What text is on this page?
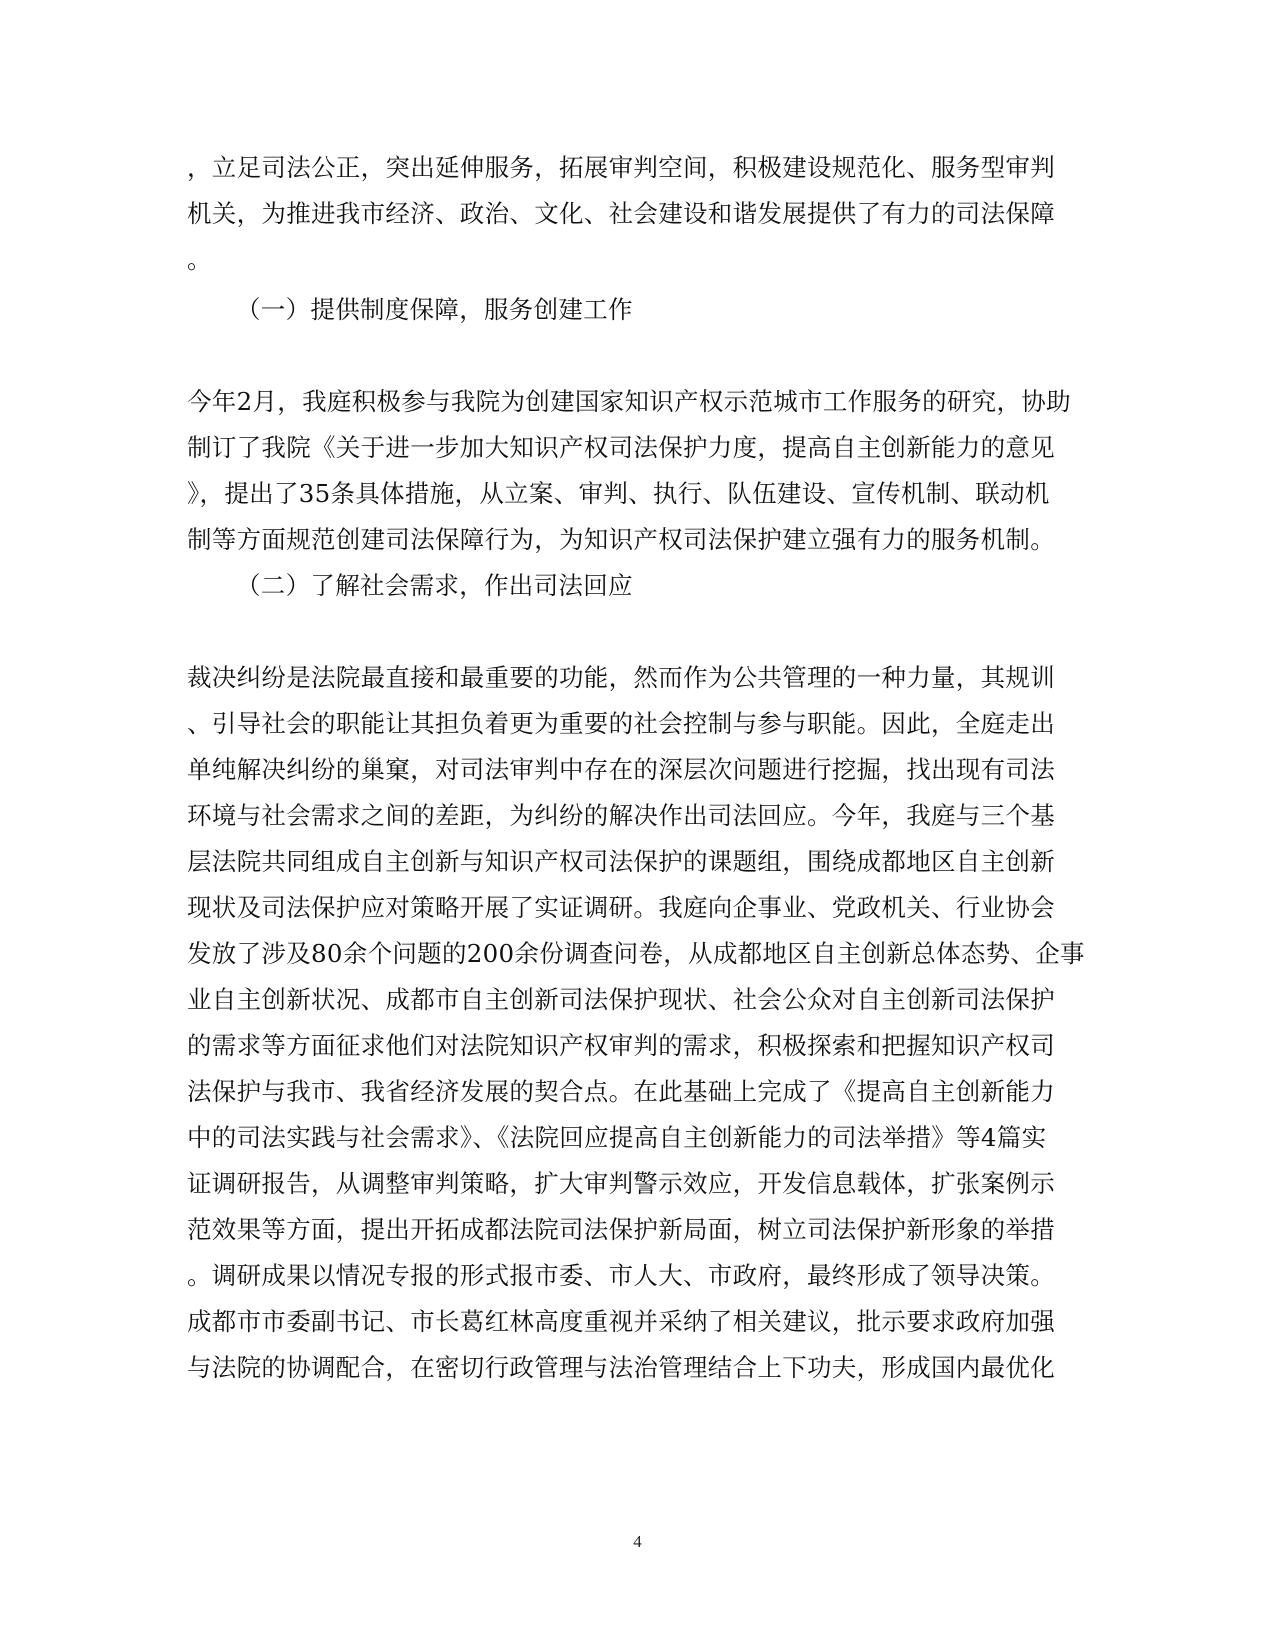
，立足司法公正，突出延伸服务，拓展审判空间，积极建设规范化、服务型审判
机关，为推进我市经济、政治、文化、社会建设和谐发展提供了有力的司法保障
。
（一）提供制度保障，服务创建工作
今年2月，我庭积极参与我院为创建国家知识产权示范城市工作服务的研究，协助
制订了我院《关于进一步加大知识产权司法保护力度，提高自主创新能力的意见
》，提出了35条具体措施，从立案、审判、执行、队伍建设、宣传机制、联动机
制等方面规范创建司法保障行为，为知识产权司法保护建立强有力的服务机制。
（二）了解社会需求，作出司法回应
裁决纠纷是法院最直接和最重要的功能，然而作为公共管理的一种力量，其规训
、引导社会的职能让其担负着更为重要的社会控制与参与职能。因此，全庭走出
单纯解决纠纷的巢窠，对司法审判中存在的深层次问题进行挖掘，找出现有司法
环境与社会需求之间的差距，为纠纷的解决作出司法回应。今年，我庭与三个基
层法院共同组成自主创新与知识产权司法保护的课题组，围绕成都地区自主创新
现状及司法保护应对策略开展了实证调研。我庭向企事业、党政机关、行业协会
发放了涉及80余个问题的200余份调查问卷，从成都地区自主创新总体态势、企事
业自主创新状况、成都市自主创新司法保护现状、社会公众对自主创新司法保护
的需求等方面征求他们对法院知识产权审判的需求，积极探索和把握知识产权司
法保护与我市、我省经济发展的契合点。在此基础上完成了《提高自主创新能力
中的司法实践与社会需求》、《法院回应提高自主创新能力的司法举措》等4篇实
证调研报告，从调整审判策略，扩大审判警示效应，开发信息载体，扩张案例示
范效果等方面，提出开拓成都法院司法保护新局面，树立司法保护新形象的举措
。调研成果以情况专报的形式报市委、市人大、市政府，最终形成了领导决策。
成都市市委副书记、市长葛红林高度重视并采纳了相关建议，批示要求政府加强
与法院的协调配合，在密切行政管理与法治管理结合上下功夫，形成国内最优化
4
